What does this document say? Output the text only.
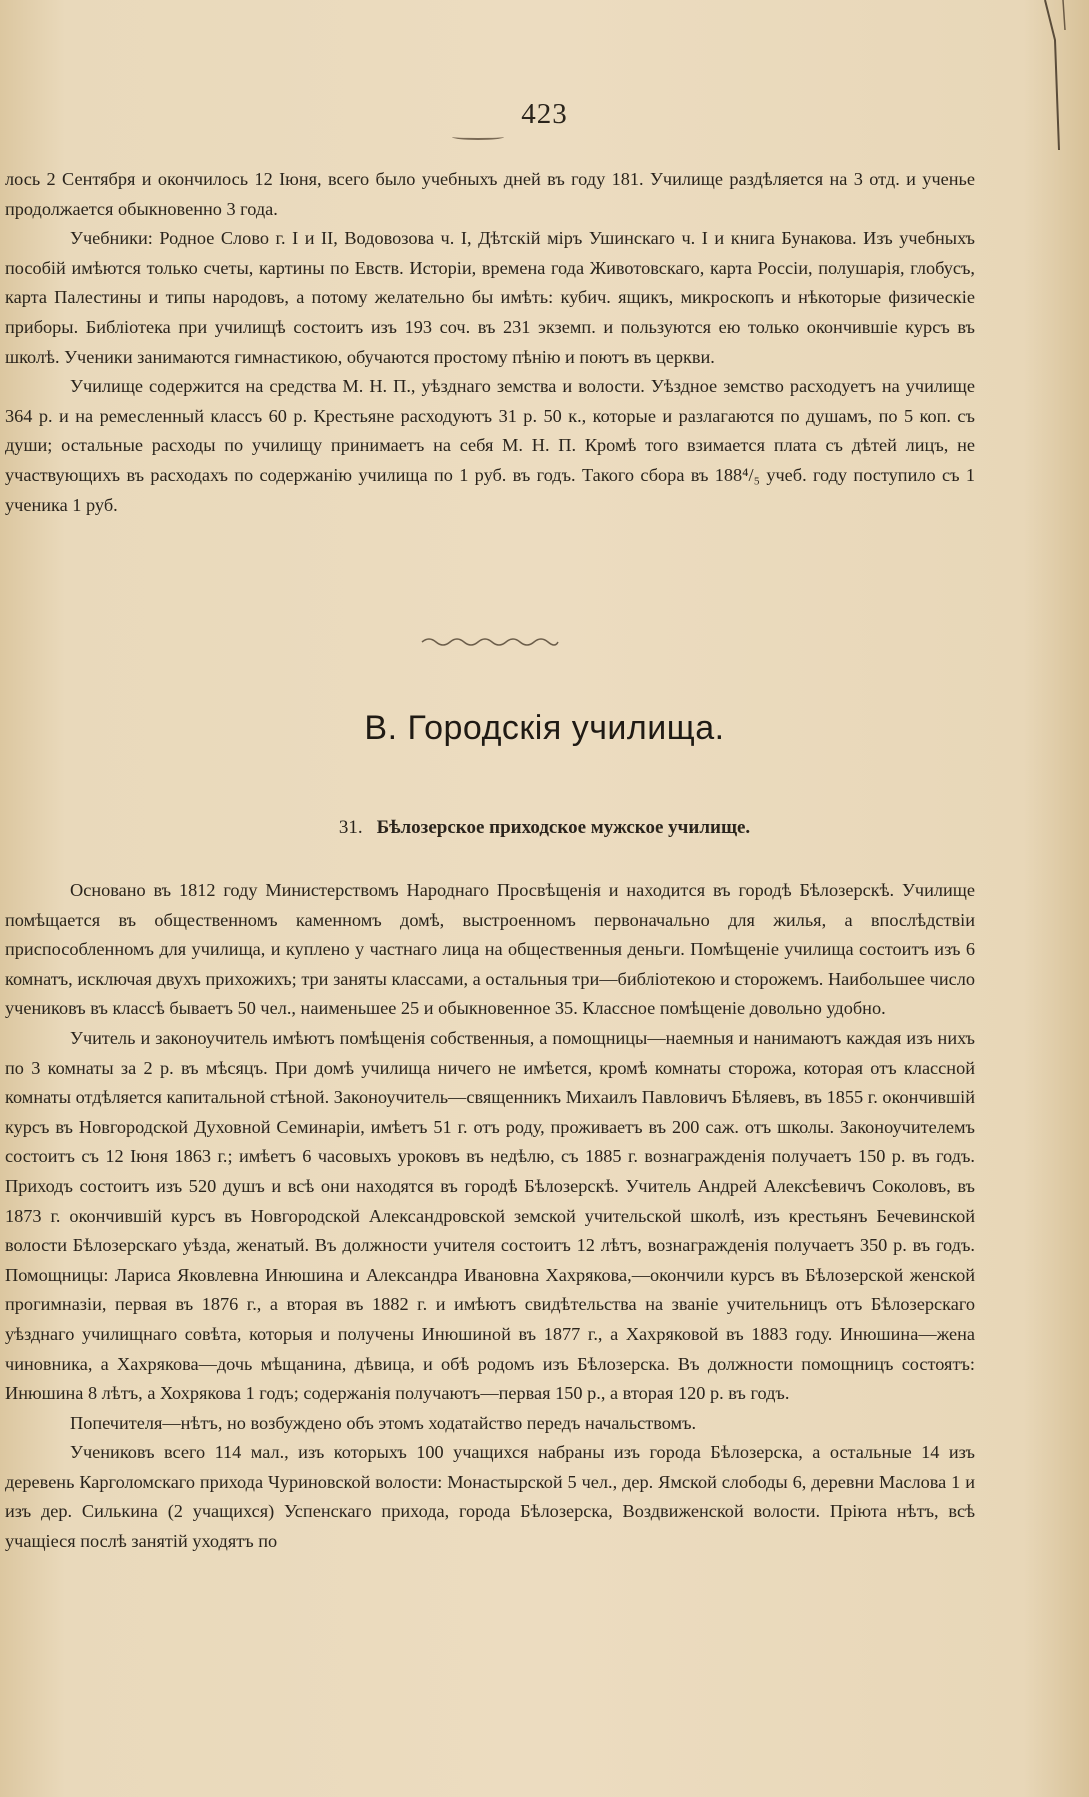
423

лось 2 Сентября и окончилось 12 Іюня, всего было учебныхъ дней въ году 181. Училище раздѣляется на 3 отд. и ученье продолжается обыкновенно 3 года.

Учебники: Родное Слово г. I и II, Водовозова ч. I, Дѣтскій міръ Ушинскаго ч. I и книга Бунакова. Изъ учебныхъ пособій имѣются только счеты, картины по Евств. Исторіи, времена года Животовскаго, карта Россіи, полушарія, глобусъ, карта Палестины и типы народовъ, а потому желательно бы имѣть: кубич. ящикъ, микроскопъ и нѣкоторые физическіе приборы. Библіотека при училищѣ состоитъ изъ 193 соч. въ 231 экземп. и пользуются ею только окончившіе курсъ въ школѣ. Ученики занимаются гимнастикою, обучаются простому пѣнію и поютъ въ церкви.

Училище содержится на средства М. Н. П., уѣзднаго земства и волости. Уѣздное земство расходуетъ на училище 364 р. и на ремесленный классъ 60 р. Крестьяне расходуютъ 31 р. 50 к., которые и разлагаются по душамъ, по 5 коп. съ души; остальные расходы по училищу принимаетъ на себя М. Н. П. Кромѣ того взимается плата съ дѣтей лицъ, не участвующихъ въ расходахъ по содержанію училища по 1 руб. въ годъ. Такого сбора въ 188⁴/₅ учеб. году поступило съ 1 ученика 1 руб.

В. Городскія училища.
31. Бѣлозерское приходское мужское училище.

Основано въ 1812 году Министерствомъ Народнаго Просвѣщенія и находится въ городѣ Бѣлозерскѣ. Училище помѣщается въ общественномъ каменномъ домѣ, выстроенномъ первоначально для жилья, а впослѣдствіи приспособленномъ для училища, и куплено у частнаго лица на общественныя деньги. Помѣщеніе училища состоитъ изъ 6 комнатъ, исключая двухъ прихожихъ; три заняты классами, а остальныя три—библіотекою и сторожемъ. Наибольшее число учениковъ въ классѣ бываетъ 50 чел., наименьшее 25 и обыкновенное 35. Классное помѣщеніе довольно удобно.

Учитель и законоучитель имѣютъ помѣщенія собственныя, а помощницы—наемныя и нанимаютъ каждая изъ нихъ по 3 комнаты за 2 р. въ мѣсяцъ. При домѣ училища ничего не имѣется, кромѣ комнаты сторожа, которая отъ классной комнаты отдѣляется капитальной стѣной. Законоучитель—священникъ Михаилъ Павловичъ Бѣляевъ, въ 1855 г. окончившій курсъ въ Новгородской Духовной Семинаріи, имѣетъ 51 г. отъ роду, проживаетъ въ 200 саж. отъ школы. Законоучителемъ состоитъ съ 12 Іюня 1863 г.; имѣетъ 6 часовыхъ уроковъ въ недѣлю, съ 1885 г. вознагражденія получаетъ 150 р. въ годъ. Приходъ состоитъ изъ 520 душъ и всѣ они находятся въ городѣ Бѣлозерскѣ. Учитель Андрей Алексѣевичъ Соколовъ, въ 1873 г. окончившій курсъ въ Новгородской Александровской земской учительской школѣ, изъ крестьянъ Бечевинской волости Бѣлозерскаго уѣзда, женатый. Въ должности учителя состоитъ 12 лѣтъ, вознагражденія получаетъ 350 р. въ годъ. Помощницы: Лариса Яковлевна Инюшина и Александра Ивановна Хахрякова,—окончили курсъ въ Бѣлозерской женской прогимназіи, первая въ 1876 г., а вторая въ 1882 г. и имѣютъ свидѣтельства на званіе учительницъ отъ Бѣлозерскаго уѣзднаго училищнаго совѣта, которыя и получены Инюшиной въ 1877 г., а Хахряковой въ 1883 году. Инюшина—жена чиновника, а Хахрякова—дочь мѣщанина, дѣвица, и обѣ родомъ изъ Бѣлозерска. Въ должности помощницъ состоятъ: Инюшина 8 лѣтъ, а Хохрякова 1 годъ; содержанія получаютъ—первая 150 р., а вторая 120 р. въ годъ.

Попечителя—нѣтъ, но возбуждено объ этомъ ходатайство передъ начальствомъ.

Учениковъ всего 114 мал., изъ которыхъ 100 учащихся набраны изъ города Бѣлозерска, а остальные 14 изъ деревень Карголомскаго прихода Чуриновской волости: Монастырской 5 чел., дер. Ямской слободы 6, деревни Маслова 1 и изъ дер. Силькина (2 учащихся) Успенскаго прихода, города Бѣлозерска, Воздвиженской волости. Пріюта нѣтъ, всѣ учащіеся послѣ занятій уходятъ по
